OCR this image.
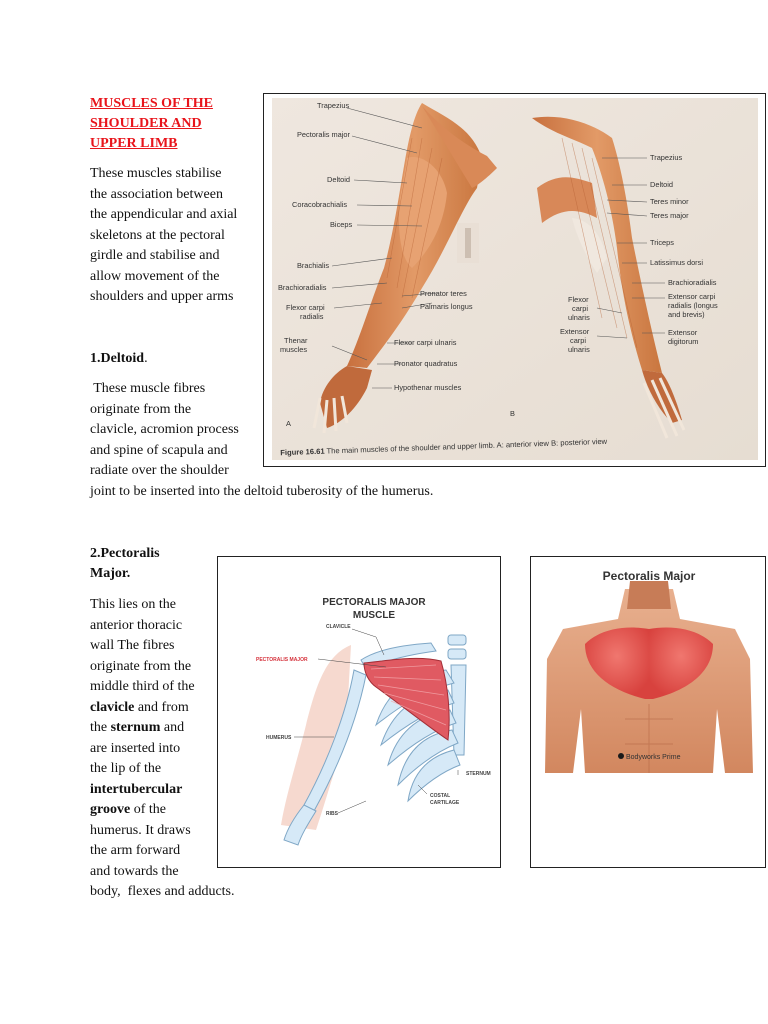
MUSCLES OF THE
SHOULDER AND
UPPER LIMB
These muscles stabilise
the association between
the appendicular and axial
skeletons at the pectoral
girdle and stabilise and
allow movement of the
shoulders and upper arms
1.Deltoid.
These muscle fibres
originate from the
clavicle, acromion process
and spine of scapula and
radiate over the shoulder
joint to be inserted into the deltoid tuberosity of the humerus.
2.Pectoralis
Major.
This lies on the
anterior thoracic
wall The fibres
originate from the
middle third of the
clavicle and from
the sternum and
are inserted into
the lip of the
intertubercular
groove of the
humerus. It draws
the arm forward
and towards the
body,  flexes and adducts.
Trapezius
Pectoralis major
Deltoid
Coracobrachialis
Biceps
Brachialis
Brachioradialis
Flexor carpi
radialis
Thenar
muscles
Pronator teres
Palmaris longus
Flexor carpi ulnaris
Pronator quadratus
Hypothenar muscles
Trapezius
Deltoid
Teres minor
Teres major
Triceps
Latissimus dorsi
Brachioradialis
Extensor carpi
radialis (longus
and brevis)
Extensor
digitorum
Flexor
carpi
ulnaris
Extensor
carpi
ulnaris
A
B
Figure 16.61 The main muscles of the shoulder and upper limb. A: anterior view B: posterior view
PECTORALIS MAJOR
MUSCLE
CLAVICLE
PECTORALIS MAJOR
HUMERUS
STERNUM
COSTAL
CARTILAGE
RIBS
Pectoralis Major
Bodyworks Prime
